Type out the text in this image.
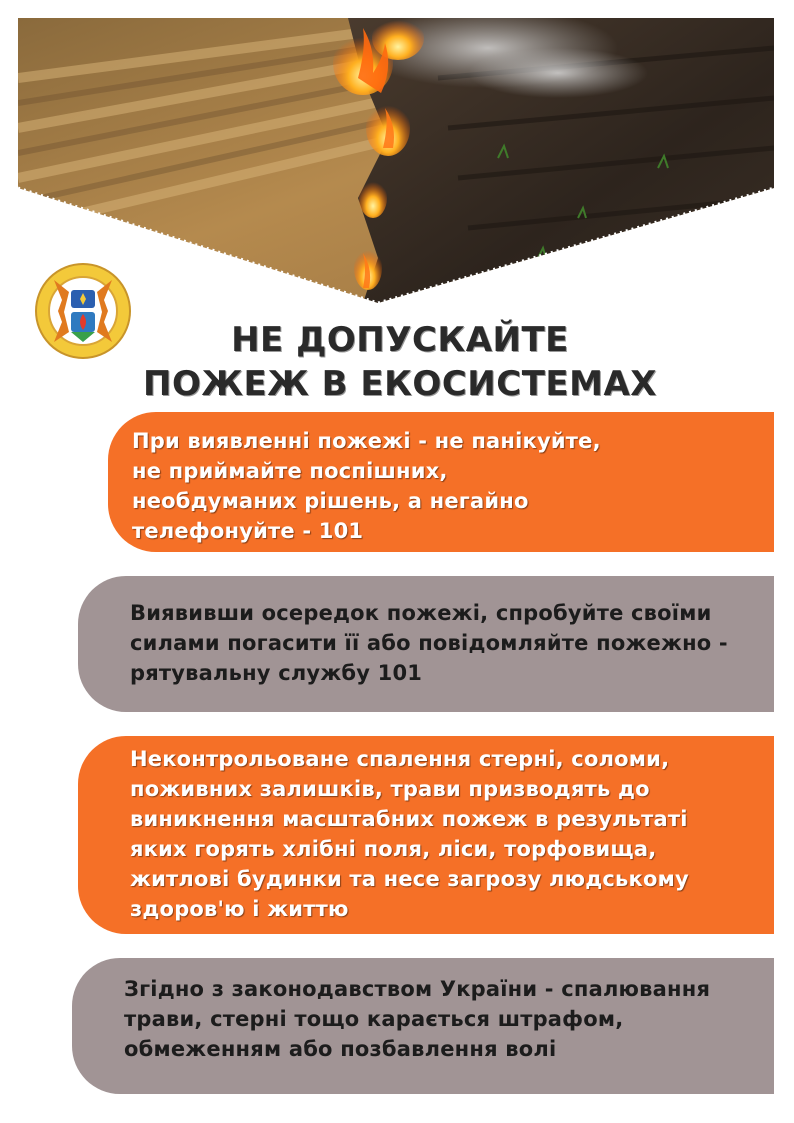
НЕ ДОПУСКАЙТЕ
ПОЖЕЖ В ЕКОСИСТЕМАХ

При виявленні пожежі - не панікуйте,
не приймайте поспішних,
необдуманих рішень, а негайно
телефонуйте - 101

Виявивши осередок пожежі, спробуйте своїми
силами погасити її або повідомляйте пожежно -
рятувальну службу 101

Неконтрольоване спалення стерні, соломи,
поживних залишків, трави призводять до
виникнення масштабних пожеж в результаті
яких горять хлібні поля, ліси, торфовища,
житлові будинки та несе загрозу людському
здоров'ю і життю

Згідно з законодавством України - спалювання
трави, стерні тощо карається штрафом,
обмеженням або позбавлення волі
